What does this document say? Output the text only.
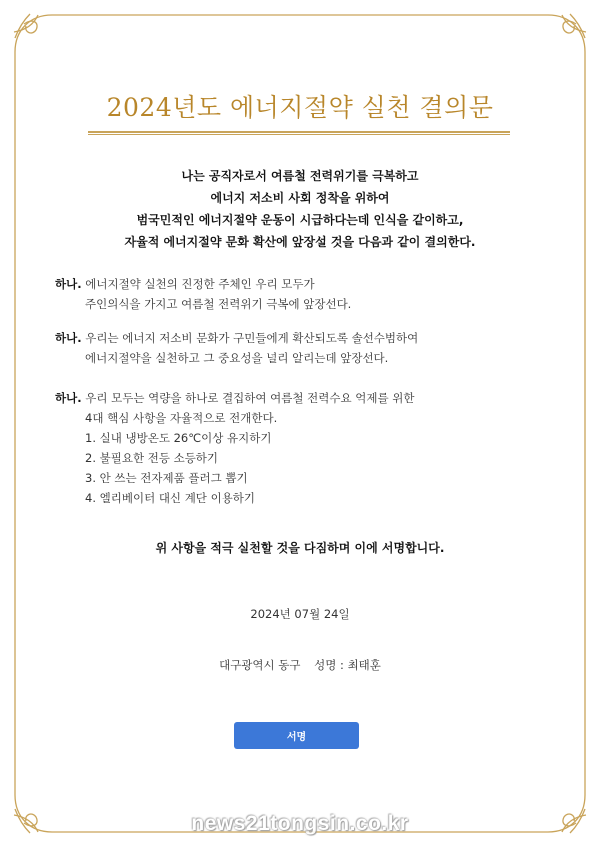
2024년도 에너지절약 실천 결의문
나는 공직자로서 여름철 전력위기를 극복하고
에너지 저소비 사회 정착을 위하여
범국민적인 에너지절약 운동이 시급하다는데 인식을 같이하고,
자율적 에너지절약 문화 확산에 앞장설 것을 다음과 같이 결의한다.
하나. 에너지절약 실천의 진정한 주체인 우리 모두가
주인의식을 가지고 여름철 전력위기 극복에 앞장선다.
하나. 우리는 에너지 저소비 문화가 구민들에게 확산되도록 솔선수범하여
에너지절약을 실천하고 그 중요성을 널리 알리는데 앞장선다.
하나. 우리 모두는 역량을 하나로 결집하여 여름철 전력수요 억제를 위한
4대 핵심 사항을 자율적으로 전개한다.
1. 실내 냉방온도 26℃이상 유지하기
2. 불필요한 전등 소등하기
3. 안 쓰는 전자제품 플러그 뽑기
4. 엘리베이터 대신 계단 이용하기
위 사항을 적극 실천할 것을 다짐하며 이에 서명합니다.
2024년 07월 24일
대구광역시 동구 성명 : 최태훈
서명
news21tongsin.co.kr
